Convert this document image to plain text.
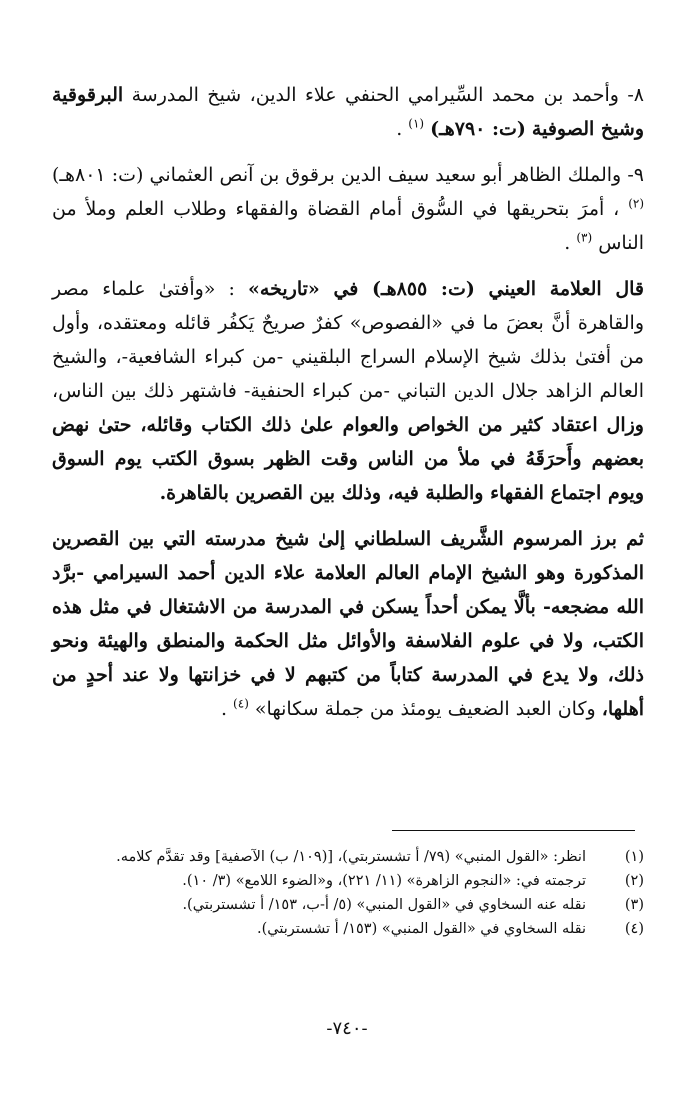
٨- وأحمد بن محمد السِّيرامي الحنفي علاء الدين، شيخ المدرسة البرقوقية وشيخ الصوفية (ت: ٧٩٠هـ) $^{(١)}$ .

٩- والملك الظاهر أبو سعيد سيف الدين برقوق بن آنص العثماني (ت: ٨٠١هـ) $^{(٢)}$ ، أمرَ بتحريقها في السُّوق أمام القضاة والفقهاء وطلاب العلم وملأ من الناس $^{(٣)}$ .

قال العلامة العيني (ت: ٨٥٥هـ) في «تاريخه» : «وأفتىٰ علماء مصر والقاهرة أنَّ بعضَ ما في «الفصوص» كفرٌ صريحٌ يَكفُر قائله ومعتقده، وأول من أفتىٰ بذلك شيخ الإسلام السراج البلقيني -من كبراء الشافعية-، والشيخ العالم الزاهد جلال الدين التباني -من كبراء الحنفية- فاشتهر ذلك بين الناس، وزال اعتقاد كثير من الخواص والعوام علىٰ ذلك الكتاب وقائله، حتىٰ نهض بعضهم وأَحرَقَهُ في ملأ من الناس وقت الظهر بسوق الكتب يوم السوق ويوم اجتماع الفقهاء والطلبة فيه، وذلك بين القصرين بالقاهرة.

ثم برز المرسوم الشَّريف السلطاني إلىٰ شيخ مدرسته التي بين القصرين المذكورة وهو الشيخ الإمام العالم العلامة علاء الدين أحمد السيرامي -برَّد الله مضجعه- بألَّا يمكن أحداً يسكن في المدرسة من الاشتغال في مثل هذه الكتب، ولا في علوم الفلاسفة والأوائل مثل الحكمة والمنطق والهيئة ونحو ذلك، ولا يدع في المدرسة كتاباً من كتبهم لا في خزانتها ولا عند أحدٍ من أهلها، وكان العبد الضعيف يومئذ من جملة سكانها» $^{(٤)}$ .

(١)
انظر: «القول المنبي» (٧٩/ أ تشستربتي)، [(١٠٩/ ب) الآصفية] وقد تقدَّم كلامه.
(٢)
ترجمته في: «النجوم الزاهرة» (١١/ ٢٢١)، و«الضوء اللامع» (٣/ ١٠).
(٣)
نقله عنه السخاوي في «القول المنبي» (٥/ أ-ب، ١٥٣/ أ تشستربتي).
(٤)
نقله السخاوي في «القول المنبي» (١٥٣/ أ تشستربتي).
-٧٤٠-
